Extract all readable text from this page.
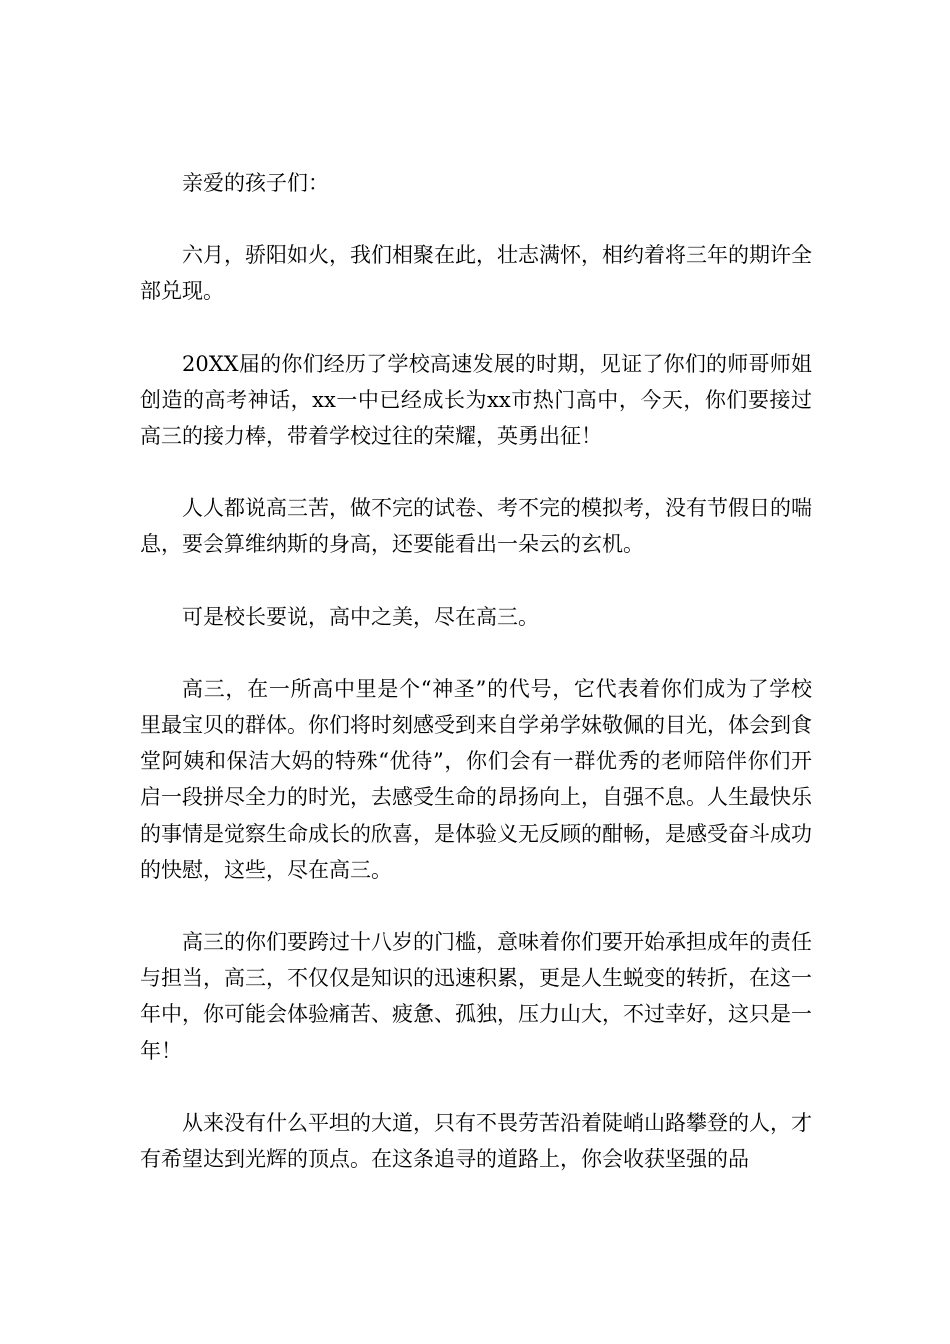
亲爱的孩子们：

六月，骄阳如火，我们相聚在此，壮志满怀，相约着将三年的期许全部兑现。

20XX届的你们经历了学校高速发展的时期，见证了你们的师哥师姐创造的高考神话，xx一中已经成长为xx市热门高中，今天，你们要接过高三的接力棒，带着学校过往的荣耀，英勇出征！

人人都说高三苦，做不完的试卷、考不完的模拟考，没有节假日的喘息，要会算维纳斯的身高，还要能看出一朵云的玄机。

可是校长要说，高中之美，尽在高三。

高三，在一所高中里是个“神圣”的代号，它代表着你们成为了学校里最宝贝的群体。你们将时刻感受到来自学弟学妹敬佩的目光，体会到食堂阿姨和保洁大妈的特殊“优待”，你们会有一群优秀的老师陪伴你们开启一段拼尽全力的时光，去感受生命的昂扬向上，自强不息。人生最快乐的事情是觉察生命成长的欣喜，是体验义无反顾的酣畅，是感受奋斗成功的快慰，这些，尽在高三。

高三的你们要跨过十八岁的门槛，意味着你们要开始承担成年的责任与担当，高三，不仅仅是知识的迅速积累，更是人生蜕变的转折，在这一年中，你可能会体验痛苦、疲惫、孤独，压力山大，不过幸好，这只是一年！

从来没有什么平坦的大道，只有不畏劳苦沿着陡峭山路攀登的人，才有希望达到光辉的顶点。在这条追寻的道路上，你会收获坚强的品
